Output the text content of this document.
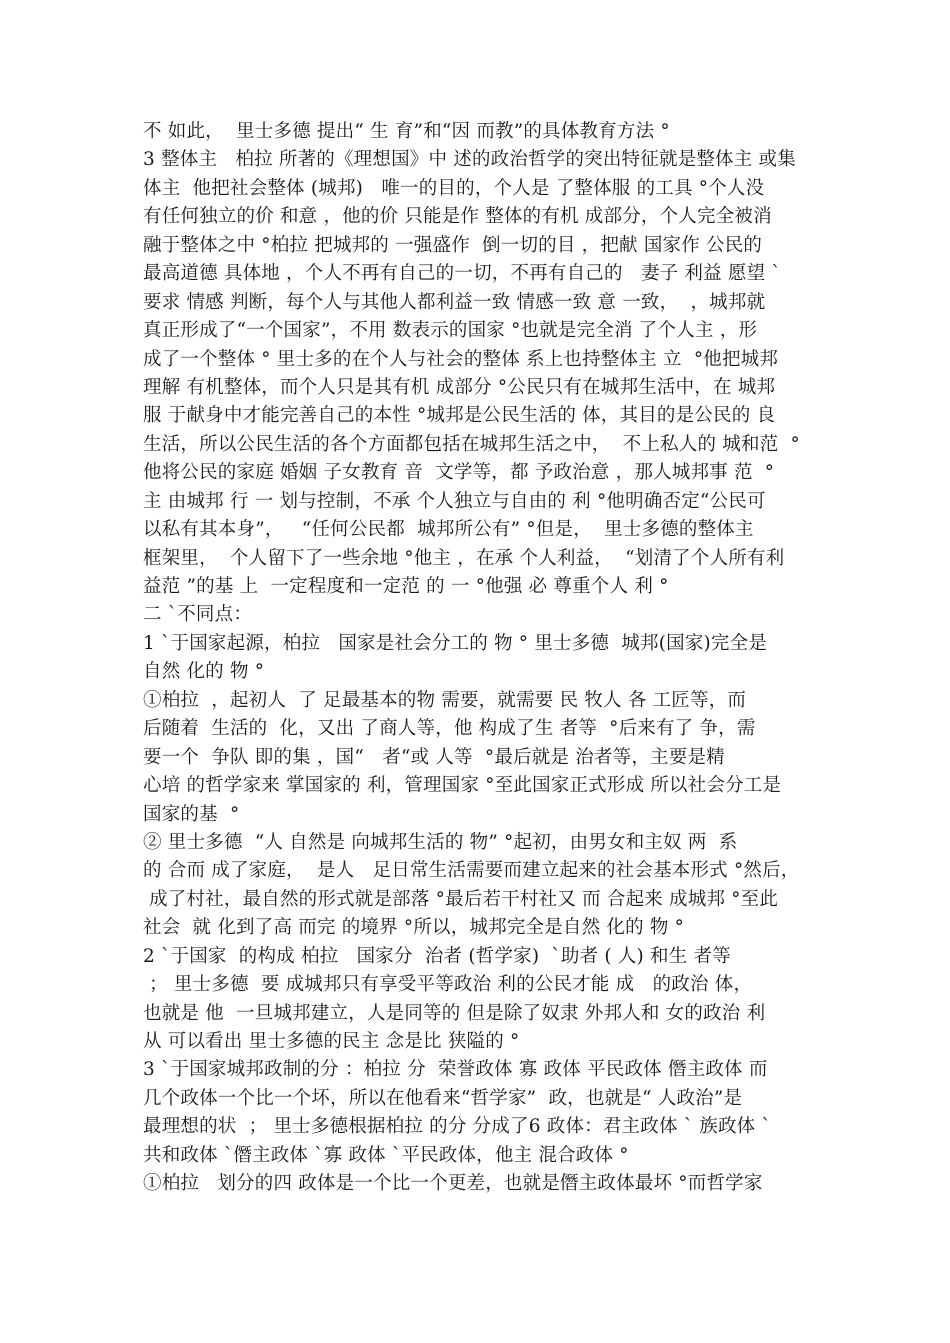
不 如此，  里士多德 提出“ 生 育”和“因 而教”的具体教育方法 °
3 整体主   柏拉 所著的《理想国》中 述的政治哲学的突出特征就是整体主 或集
体主  他把社会整体 (城邦)   唯一的目的，个人是 了整体服 的工具 °个人没
有任何独立的价 和意 ，他的价 只能是作 整体的有机 成部分，个人完全被消
融于整体之中 °柏拉 把城邦的 一强盛作  倒一切的目 ，把献 国家作 公民的
最高道德 具体地 ，个人不再有自己的一切，不再有自己的   妻子 利益 愿望 `
要求 情感 判断，每个人与其他人都利益一致 情感一致 意 一致，  ，城邦就
真正形成了“一个国家”，不用 数表示的国家 °也就是完全消 了个人主 ，形
成了一个整体 ° 里士多的在个人与社会的整体 系上也持整体主 立  °他把城邦
理解 有机整体，而个人只是其有机 成部分 °公民只有在城邦生活中，在 城邦
服 于献身中才能完善自己的本性 °城邦是公民生活的 体，其目的是公民的 良
生活，所以公民生活的各个方面都包括在城邦生活之中，  不上私人的 城和范  °
他将公民的家庭 婚姻 子女教育 音  文学等，都 予政治意 ，那人城邦事 范  °
主 由城邦 行 一 划与控制，不承 个人独立与自由的 利 °他明确否定“公民可
以私有其本身”，   “任何公民都  城邦所公有” °但是，  里士多德的整体主
框架里，  个人留下了一些余地 °他主 ，在承 个人利益，  “划清了个人所有利
益范 ”的基 上  一定程度和一定范 的 一 °他强 必 尊重个人 利 °
二 `不同点：
1 `于国家起源，柏拉   国家是社会分工的 物 ° 里士多德  城邦(国家)完全是
自然 化的 物 °
①柏拉  ，起初人  了 足最基本的物 需要，就需要 民 牧人 各 工匠等，而
后随着  生活的  化，又出 了商人等，他 构成了生 者等  °后来有了 争，需
要一个  争队 即的集 ，国“   者“或 人等  °最后就是 治者等，主要是精
心培 的哲学家来 掌国家的 利，管理国家 °至此国家正式形成 所以社会分工是
国家的基  °
② 里士多德  “人 自然是 向城邦生活的 物” °起初，由男女和主奴 两  系
的 合而 成了家庭，  是人   足日常生活需要而建立起来的社会基本形式 °然后，
成了村社，最自然的形式就是部落 °最后若干村社又 而 合起来 成城邦 °至此
社会  就 化到了高 而完 的境界 °所以，城邦完全是自然 化的 物 °
2 `于国家  的构成 柏拉   国家分  治者 (哲学家)  `助者 ( 人) 和生 者等
； 里士多德  要 成城邦只有享受平等政治 利的公民才能 成   的政治 体，
也就是 他  一旦城邦建立，人是同等的 但是除了奴隶 外邦人和 女的政治 利
从 可以看出 里士多德的民主 念是比 狭隘的 °
3 `于国家城邦政制的分 ：柏拉 分  荣誉政体 寡 政体 平民政体 僭主政体 而
几个政体一个比一个坏，所以在他看来“哲学家”  政，也就是“ 人政治”是
最理想的状  ； 里士多德根据柏拉 的分 分成了6 政体：君主政体 ` 族政体 `
共和政体 `僭主政体 `寡 政体 `平民政体，他主 混合政体 °
①柏拉   划分的四 政体是一个比一个更差，也就是僭主政体最坏 °而哲学家
